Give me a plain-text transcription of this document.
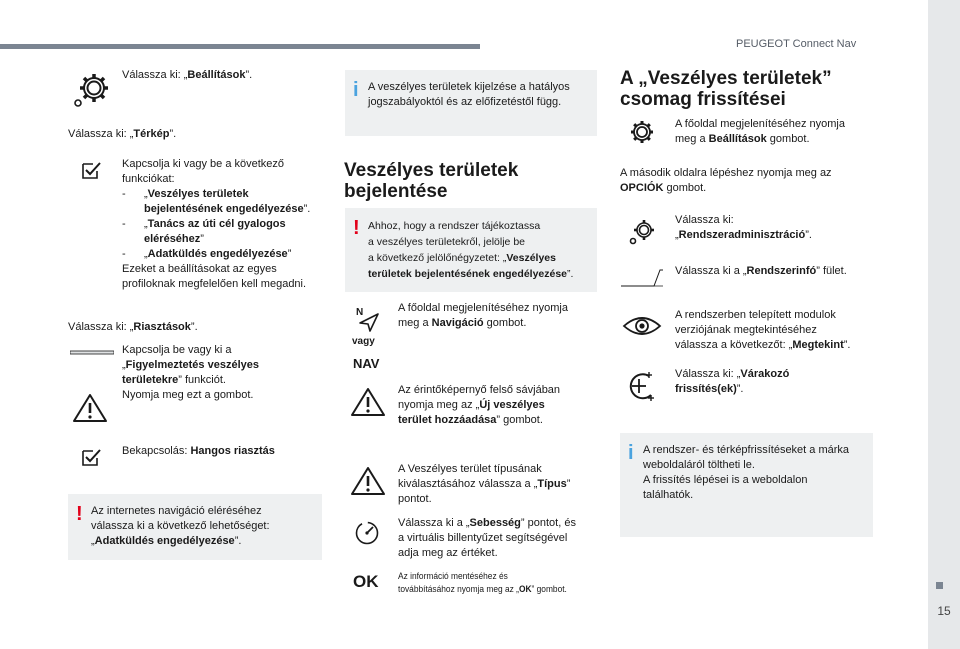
PEUGEOT Connect Nav
15
Válassza ki: „Beállítások”.
Válassza ki: „Térkép”.
Kapcsolja ki vagy be a következő
funkciókat:
- „Veszélyes területek
bejelentésének engedélyezése”.
- „Tanács az úti cél gyalogos
eléréséhez”
- „Adatküldés engedélyezése”
Ezeket a beállításokat az egyes
profiloknak megfelelően kell megadni.
Válassza ki: „Riasztások”.
Kapcsolja be vagy ki a
„Figyelmeztetés veszélyes
területekre” funkciót.
Nyomja meg ezt a gombot.
Bekapcsolás: Hangos riasztás
! Az internetes navigáció eléréséhez
válassza ki a következő lehetőséget:
„Adatküldés engedélyezése”.
i A veszélyes területek kijelzése a hatályos
jogszabályoktól és az előfizetéstől függ.
Veszélyes területek
bejelentése
! Ahhoz, hogy a rendszer tájékoztassa
a veszélyes területekről, jelölje be
a következő jelölőnégyzetet: „Veszélyes
területek bejelentésének engedélyezése”.
N
vagy
NAV
A főoldal megjelenítéséhez nyomja
meg a Navigáció gombot.
Az érintőképernyő felső sávjában
nyomja meg az „Új veszélyes
terület hozzáadása” gombot.
A Veszélyes terület típusának
kiválasztásához válassza a „Típus”
pontot.
Válassza ki a „Sebesség” pontot, és
a virtuális billentyűzet segítségével
adja meg az értéket.
OK Az információ mentéséhez és
továbbításához nyomja meg az „OK” gombot.
A „Veszélyes területek”
csomag frissítései
A főoldal megjelenítéséhez nyomja
meg a Beállítások gombot.
A második oldalra lépéshez nyomja meg az
OPCIÓK gombot.
Válassza ki:
„Rendszeradminisztráció”.
Válassza ki a „Rendszerinfó” fület.
A rendszerben telepített modulok
verziójának megtekintéséhez
válassza a következőt: „Megtekint”.
Válassza ki: „Várakozó
frissítés(ek)”.
i A rendszer- és térképfrissítéseket a márka
weboldaláról töltheti le.
A frissítés lépései is a weboldalon
találhatók.
